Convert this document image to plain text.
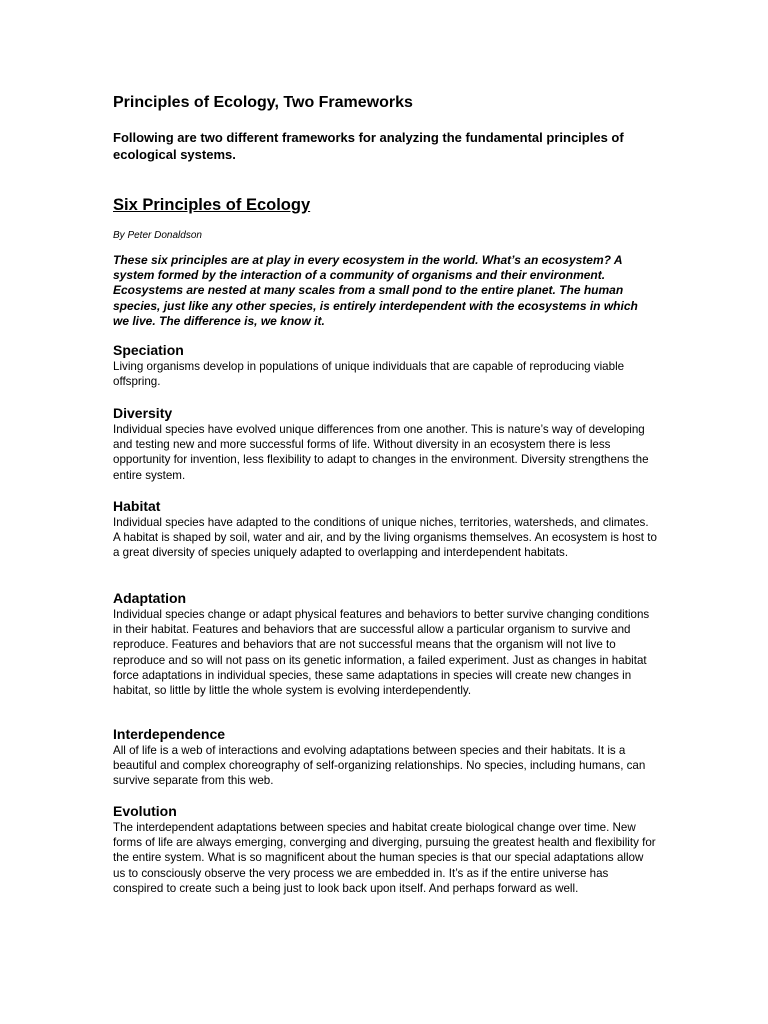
Principles of Ecology, Two Frameworks

Following are two different frameworks for analyzing the fundamental principles of ecological systems.

Six Principles of Ecology

By Peter Donaldson

These six principles are at play in every ecosystem in the world. What’s an ecosystem? A system formed by the interaction of a community of organisms and their environment. Ecosystems are nested at many scales from a small pond to the entire planet. The human species, just like any other species, is entirely interdependent with the ecosystems in which we live. The difference is, we know it.

Speciation

Living organisms develop in populations of unique individuals that are capable of reproducing viable offspring.

Diversity

Individual species have evolved unique differences from one another. This is nature’s way of developing and testing new and more successful forms of life. Without diversity in an ecosystem there is less opportunity for invention, less flexibility to adapt to changes in the environment. Diversity strengthens the entire system.

Habitat

Individual species have adapted to the conditions of unique niches, territories, watersheds, and climates. A habitat is shaped by soil, water and air, and by the living organisms themselves. An ecosystem is host to a great diversity of species uniquely adapted to overlapping and interdependent habitats.

Adaptation

Individual species change or adapt physical features and behaviors to better survive changing conditions in their habitat. Features and behaviors that are successful allow a particular organism to survive and reproduce. Features and behaviors that are not successful means that the organism will not live to reproduce and so will not pass on its genetic information, a failed experiment. Just as changes in habitat force adaptations in individual species, these same adaptations in species will create new changes in habitat, so little by little the whole system is evolving interdependently.

Interdependence

All of life is a web of interactions and evolving adaptations between species and their habitats. It is a beautiful and complex choreography of self-organizing relationships. No species, including humans, can survive separate from this web.

Evolution

The interdependent adaptations between species and habitat create biological change over time. New forms of life are always emerging, converging and diverging, pursuing the greatest health and flexibility for the entire system. What is so magnificent about the human species is that our special adaptations allow us to consciously observe the very process we are embedded in. It’s as if the entire universe has conspired to create such a being just to look back upon itself. And perhaps forward as well.
